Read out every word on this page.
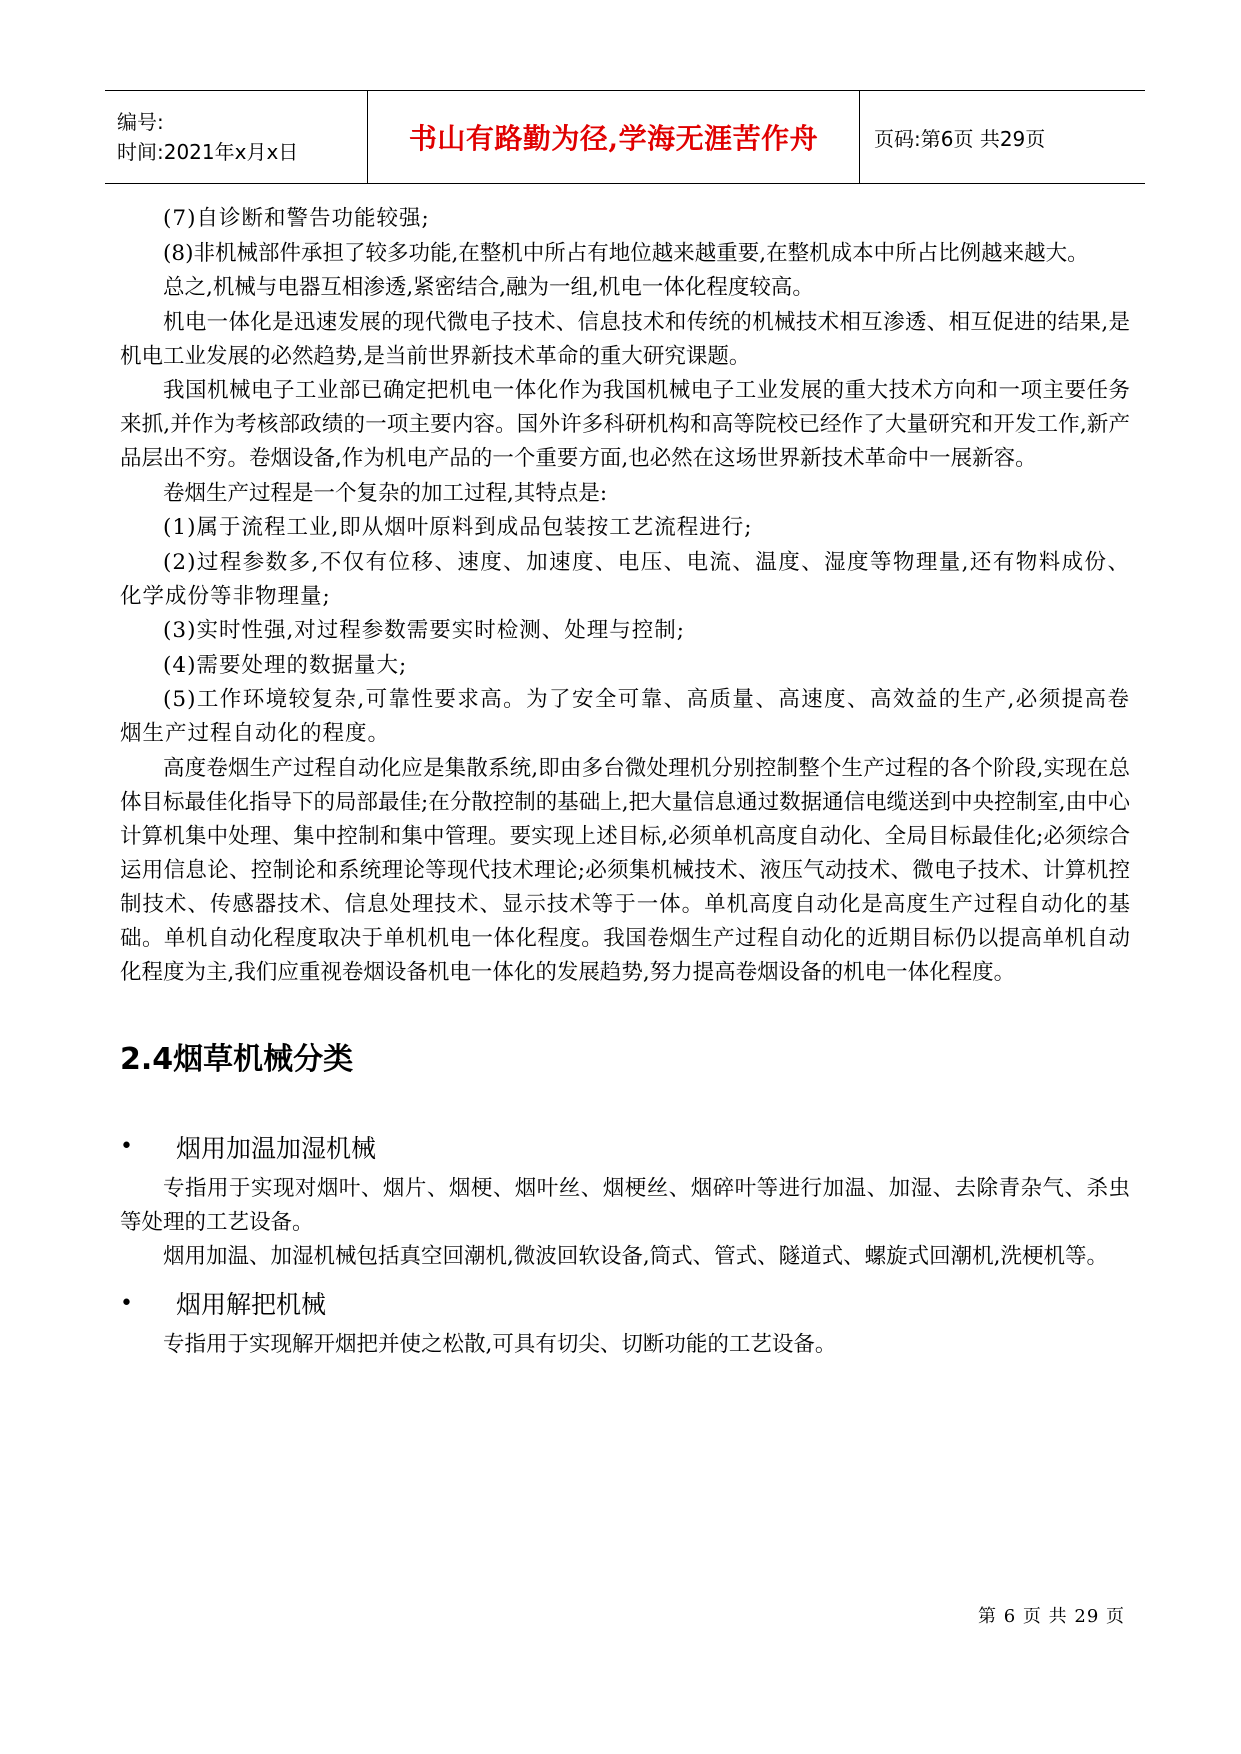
编号:
时间:2021年x月x日	书山有路勤为径,学海无涯苦作舟	页码:第6页 共29页

(7)自诊断和警告功能较强;

(8)非机械部件承担了较多功能,在整机中所占有地位越来越重要,在整机成本中所占比例越来越大。

总之,机械与电器互相渗透,紧密结合,融为一组,机电一体化程度较高。

机电一体化是迅速发展的现代微电子技术、信息技术和传统的机械技术相互渗透、相互促进的结果,是机电工业发展的必然趋势,是当前世界新技术革命的重大研究课题。

我国机械电子工业部已确定把机电一体化作为我国机械电子工业发展的重大技术方向和一项主要任务来抓,并作为考核部政绩的一项主要内容。国外许多科研机构和高等院校已经作了大量研究和开发工作,新产品层出不穷。卷烟设备,作为机电产品的一个重要方面,也必然在这场世界新技术革命中一展新容。

卷烟生产过程是一个复杂的加工过程,其特点是:

(1)属于流程工业,即从烟叶原料到成品包装按工艺流程进行;

(2)过程参数多,不仅有位移、速度、加速度、电压、电流、温度、湿度等物理量,还有物料成份、化学成份等非物理量;

(3)实时性强,对过程参数需要实时检测、处理与控制;

(4)需要处理的数据量大;

(5)工作环境较复杂,可靠性要求高。为了安全可靠、高质量、高速度、高效益的生产,必须提高卷烟生产过程自动化的程度。

高度卷烟生产过程自动化应是集散系统,即由多台微处理机分别控制整个生产过程的各个阶段,实现在总体目标最佳化指导下的局部最佳;在分散控制的基础上,把大量信息通过数据通信电缆送到中央控制室,由中心计算机集中处理、集中控制和集中管理。要实现上述目标,必须单机高度自动化、全局目标最佳化;必须综合运用信息论、控制论和系统理论等现代技术理论;必须集机械技术、液压气动技术、微电子技术、计算机控制技术、传感器技术、信息处理技术、显示技术等于一体。单机高度自动化是高度生产过程自动化的基础。单机自动化程度取决于单机机电一体化程度。我国卷烟生产过程自动化的近期目标仍以提高单机自动化程度为主,我们应重视卷烟设备机电一体化的发展趋势,努力提高卷烟设备的机电一体化程度。

2.4烟草机械分类
•	烟用加温加湿机械

专指用于实现对烟叶、烟片、烟梗、烟叶丝、烟梗丝、烟碎叶等进行加温、加湿、去除青杂气、杀虫等处理的工艺设备。

烟用加温、加湿机械包括真空回潮机,微波回软设备,筒式、管式、隧道式、螺旋式回潮机,洗梗机等。

•	烟用解把机械

专指用于实现解开烟把并使之松散,可具有切尖、切断功能的工艺设备。

第 6 页 共 29 页
